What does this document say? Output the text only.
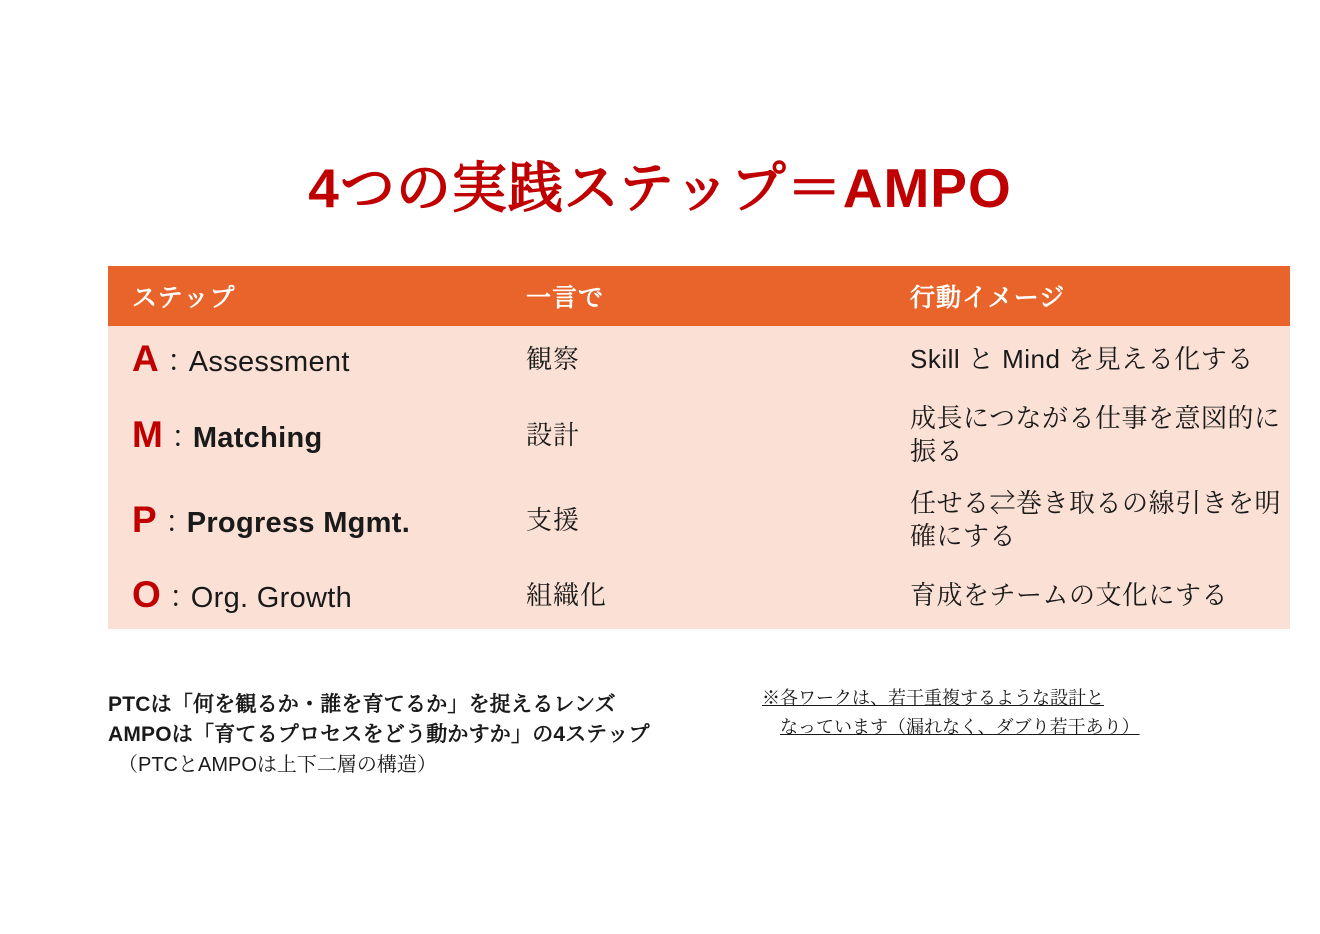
4つの実践ステップ＝AMPO
ステップ	一言で	行動イメージ
A：Assessment	観察	Skill と Mind を見える化する
M：Matching	設計	成長につながる仕事を意図的に振る
P：Progress Mgmt.	支援	任せる⇄巻き取るの線引きを明確にする
O：Org. Growth	組織化	育成をチームの文化にする
PTCは「何を観るか・誰を育てるか」を捉えるレンズ
AMPOは「育てるプロセスをどう動かすか」の4ステップ
（PTCとAMPOは上下二層の構造）
※各ワークは、若干重複するような設計と
なっています（漏れなく、ダブり若干あり）
